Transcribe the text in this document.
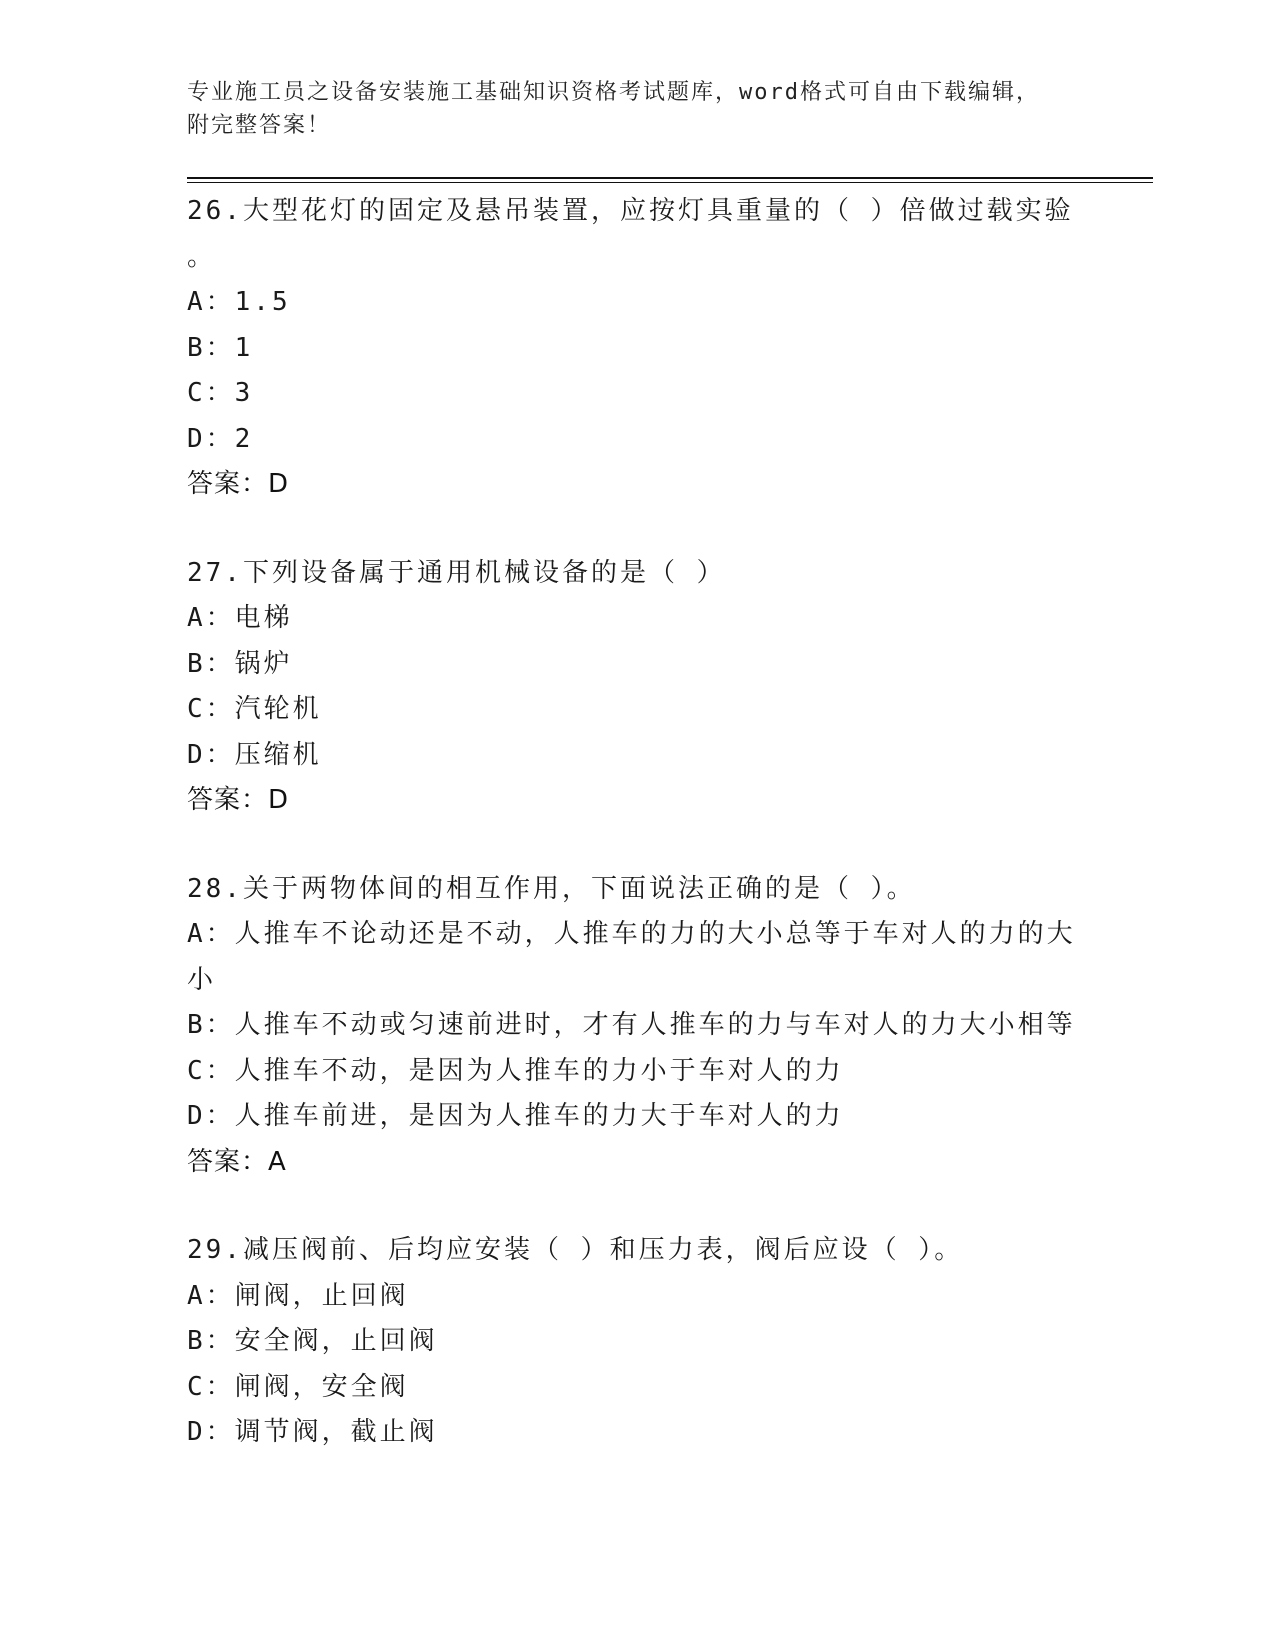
专业施工员之设备安装施工基础知识资格考试题库，word格式可自由下载编辑，
附完整答案！
26.大型花灯的固定及悬吊装置，应按灯具重量的（ ）倍做过载实验
。
A：1.5
B：1
C：3
D：2
答案：D
27.下列设备属于通用机械设备的是（ ）
A：电梯
B：锅炉
C：汽轮机
D：压缩机
答案：D
28.关于两物体间的相互作用，下面说法正确的是（ ）。
A：人推车不论动还是不动，人推车的力的大小总等于车对人的力的大
小
B：人推车不动或匀速前进时，才有人推车的力与车对人的力大小相等
C：人推车不动，是因为人推车的力小于车对人的力
D：人推车前进，是因为人推车的力大于车对人的力
答案：A
29.减压阀前、后均应安装（ ）和压力表，阀后应设（ ）。
A：闸阀，止回阀
B：安全阀，止回阀
C：闸阀，安全阀
D：调节阀，截止阀
